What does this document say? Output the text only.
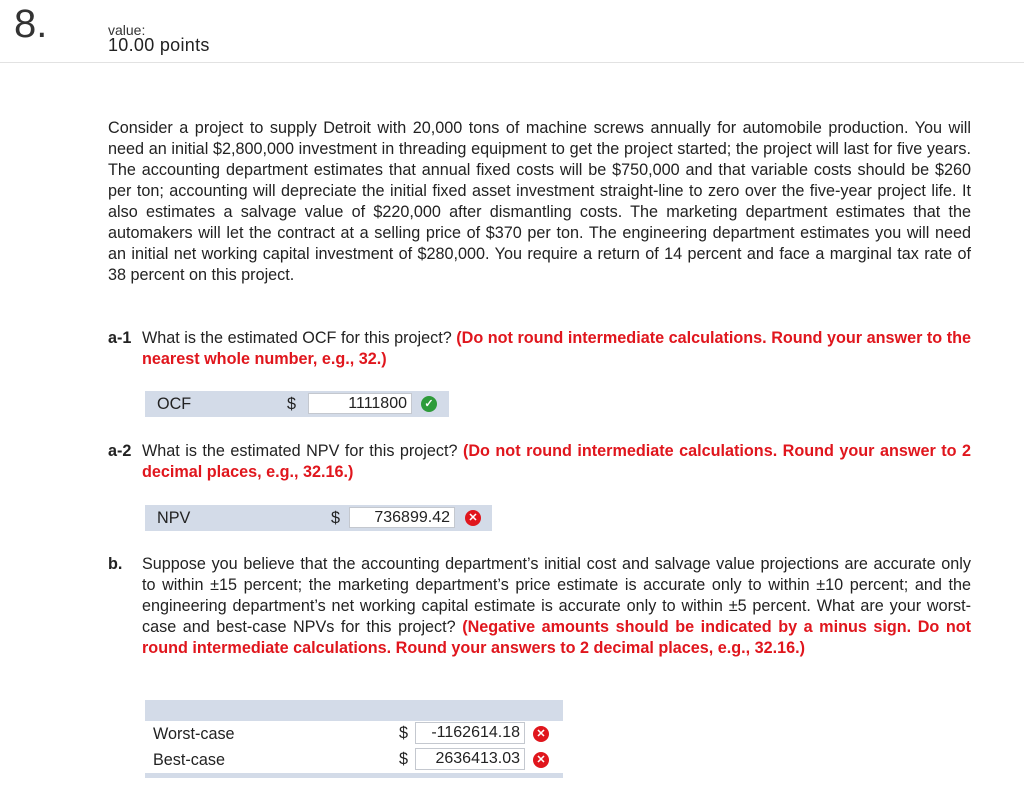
8.	value:
10.00 points
Consider a project to supply Detroit with 20,000 tons of machine screws annually for automobile production. You will need an initial $2,800,000 investment in threading equipment to get the project started; the project will last for five years. The accounting department estimates that annual fixed costs will be $750,000 and that variable costs should be $260 per ton; accounting will depreciate the initial fixed asset investment straight-line to zero over the five-year project life. It also estimates a salvage value of $220,000 after dismantling costs. The marketing department estimates that the automakers will let the contract at a selling price of $370 per ton. The engineering department estimates you will need an initial net working capital investment of $280,000. You require a return of 14 percent and face a marginal tax rate of 38 percent on this project.
a-1 What is the estimated OCF for this project? (Do not round intermediate calculations. Round your answer to the nearest whole number, e.g., 32.)
OCF	$	1111800	✓
a-2 What is the estimated NPV for this project? (Do not round intermediate calculations. Round your answer to 2 decimal places, e.g., 32.16.)
NPV	$	736899.42	✕
b. Suppose you believe that the accounting department’s initial cost and salvage value projections are accurate only to within ±15 percent; the marketing department’s price estimate is accurate only to within ±10 percent; and the engineering department’s net working capital estimate is accurate only to within ±5 percent. What are your worst-case and best-case NPVs for this project? (Negative amounts should be indicated by a minus sign. Do not round intermediate calculations. Round your answers to 2 decimal places, e.g., 32.16.)
Worst-case	$	-1162614.18	✕
Best-case	$	2636413.03	✕
